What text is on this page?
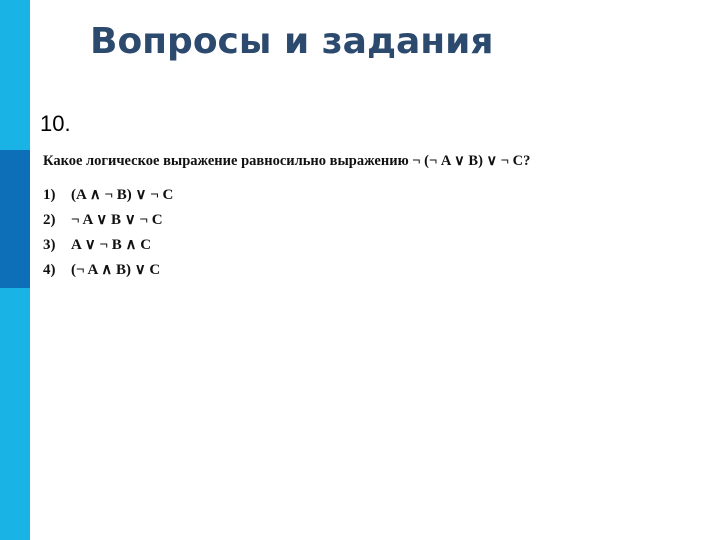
Вопросы и задания
10.
Какое логическое выражение равносильно выражению ¬ (¬ A ∨ B) ∨ ¬ C?
1) (A ∧ ¬ B) ∨ ¬ C
2) ¬ A ∨ B ∨ ¬ C
3) A ∨ ¬ B ∧ C
4) (¬ A ∧ B) ∨ C
